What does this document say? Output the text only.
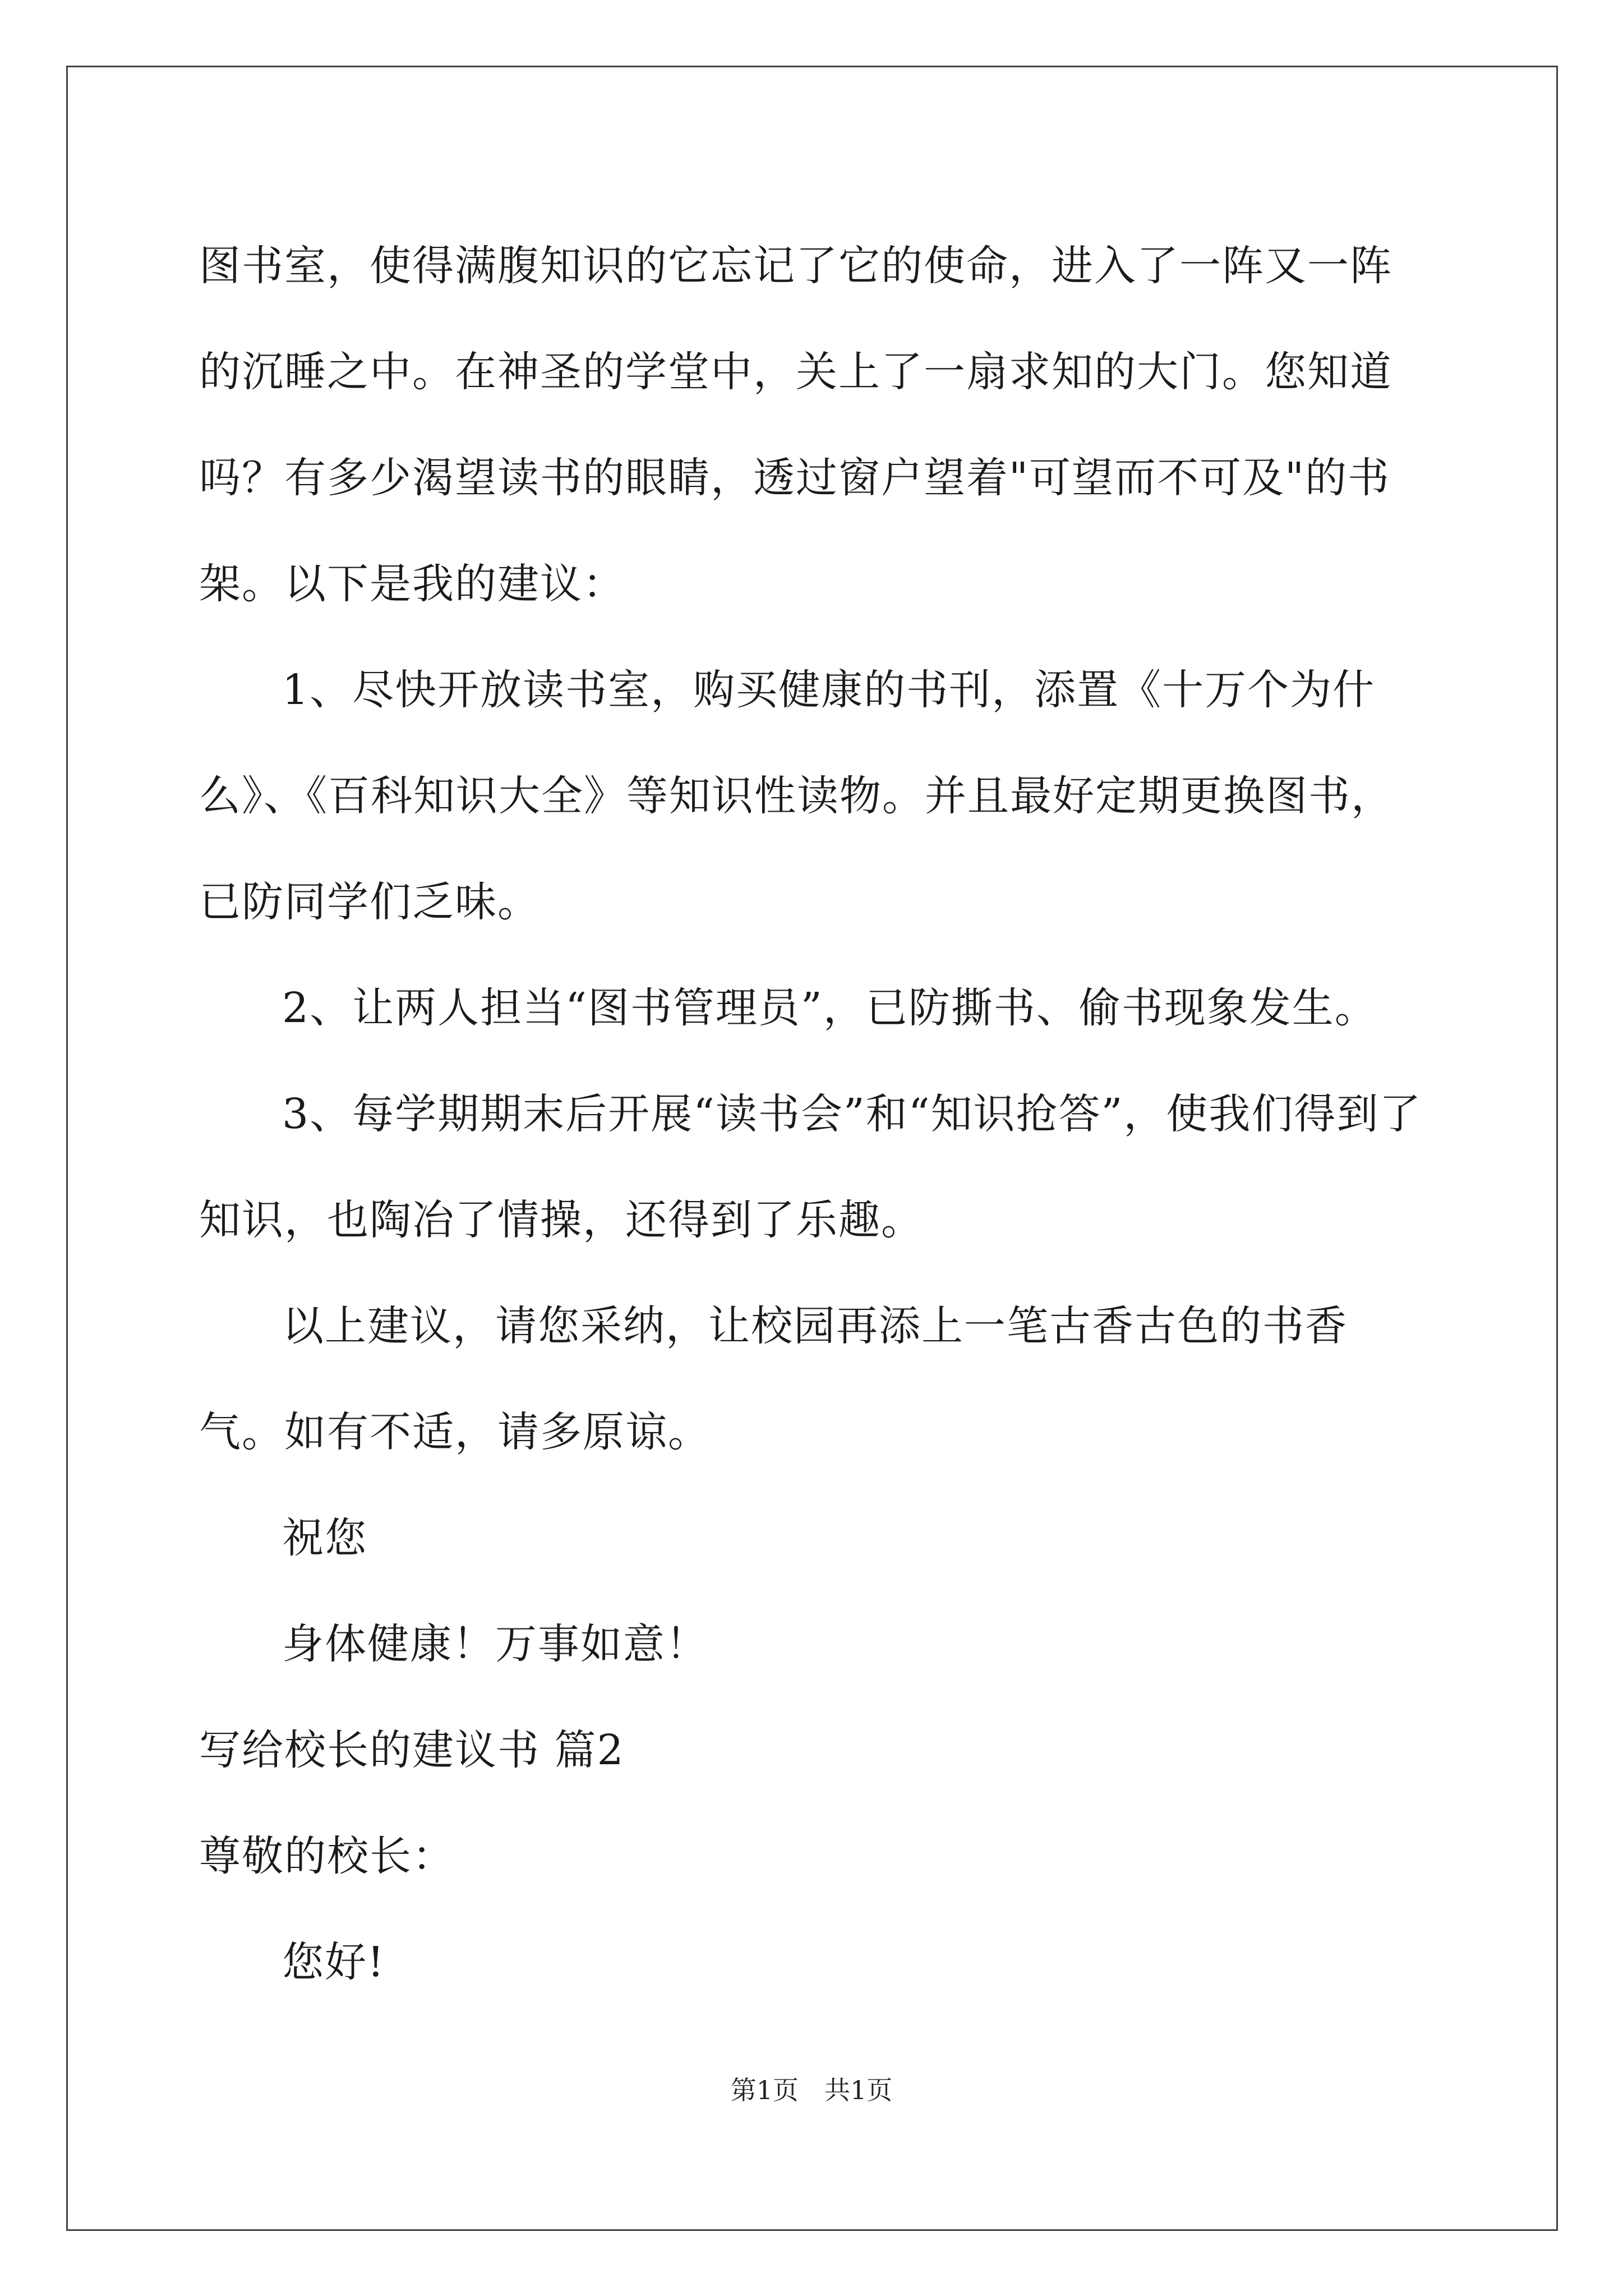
图书室，使得满腹知识的它忘记了它的使命，进入了一阵又一阵的沉睡之中。在神圣的学堂中，关上了一扇求知的大门。您知道吗？有多少渴望读书的眼睛，透过窗户望着"可望而不可及"的书架。以下是我的建议：

1、尽快开放读书室，购买健康的书刊，添置《十万个为什么》、《百科知识大全》等知识性读物。并且最好定期更换图书，已防同学们乏味。

2、让两人担当“图书管理员”，已防撕书、偷书现象发生。

3、每学期期末后开展“读书会”和“知识抢答”，使我们得到了知识，也陶冶了情操，还得到了乐趣。

以上建议，请您采纳，让校园再添上一笔古香古色的书香气。如有不适，请多原谅。

祝您

身体健康！万事如意！

写给校长的建议书 篇2

尊敬的校长：

您好!

第1页　共1页
